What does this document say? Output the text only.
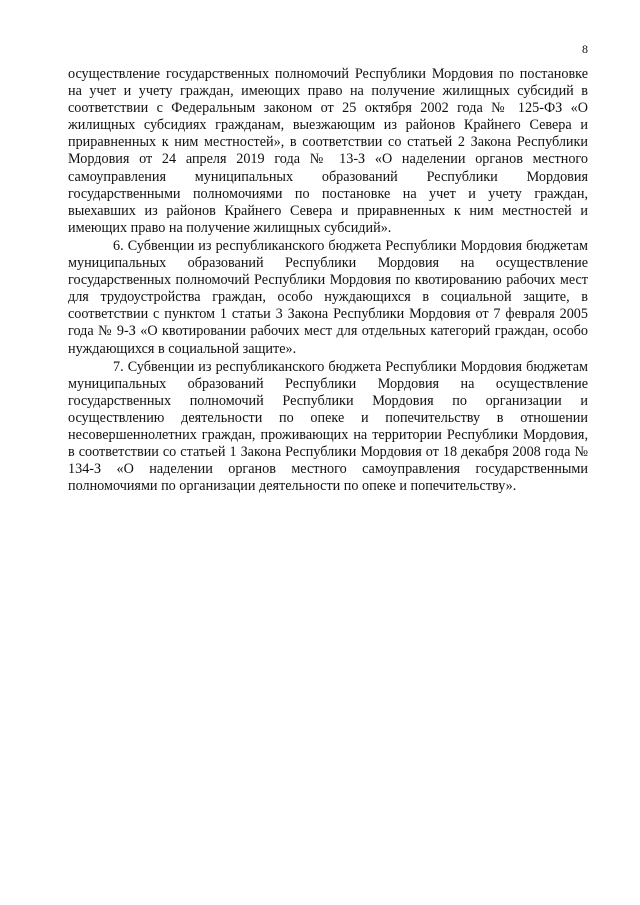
8

осуществление государственных полномочий Республики Мордовия по постановке на учет и учету граждан, имеющих право на получение жилищных субсидий в соответствии с Федеральным законом от 25 октября 2002 года № 125-ФЗ «О жилищных субсидиях гражданам, выезжающим из районов Крайнего Севера и приравненных к ним местностей», в соответствии со статьей 2 Закона Республики Мордовия от 24 апреля 2019 года № 13-З «О наделении органов местного самоуправления муниципальных образований Республики Мордовия государственными полномочиями по постановке на учет и учету граждан, выехавших из районов Крайнего Севера и приравненных к ним местностей и имеющих право на получение жилищных субсидий».

6. Субвенции из республиканского бюджета Республики Мордовия бюджетам муниципальных образований Республики Мордовия на осуществление государственных полномочий Республики Мордовия по квотированию рабочих мест для трудоустройства граждан, особо нуждающихся в социальной защите, в соответствии с пунктом 1 статьи 3 Закона Республики Мордовия от 7 февраля 2005 года № 9-З «О квотировании рабочих мест для отдельных категорий граждан, особо нуждающихся в социальной защите».

7. Субвенции из республиканского бюджета Республики Мордовия бюджетам муниципальных образований Республики Мордовия на осуществление государственных полномочий Республики Мордовия по организации и осуществлению деятельности по опеке и попечительству в отношении несовершеннолетних граждан, проживающих на территории Республики Мордовия, в соответствии со статьей 1 Закона Республики Мордовия от 18 декабря 2008 года № 134-З «О наделении органов местного самоуправления государственными полномочиями по организации деятельности по опеке и попечительству».
